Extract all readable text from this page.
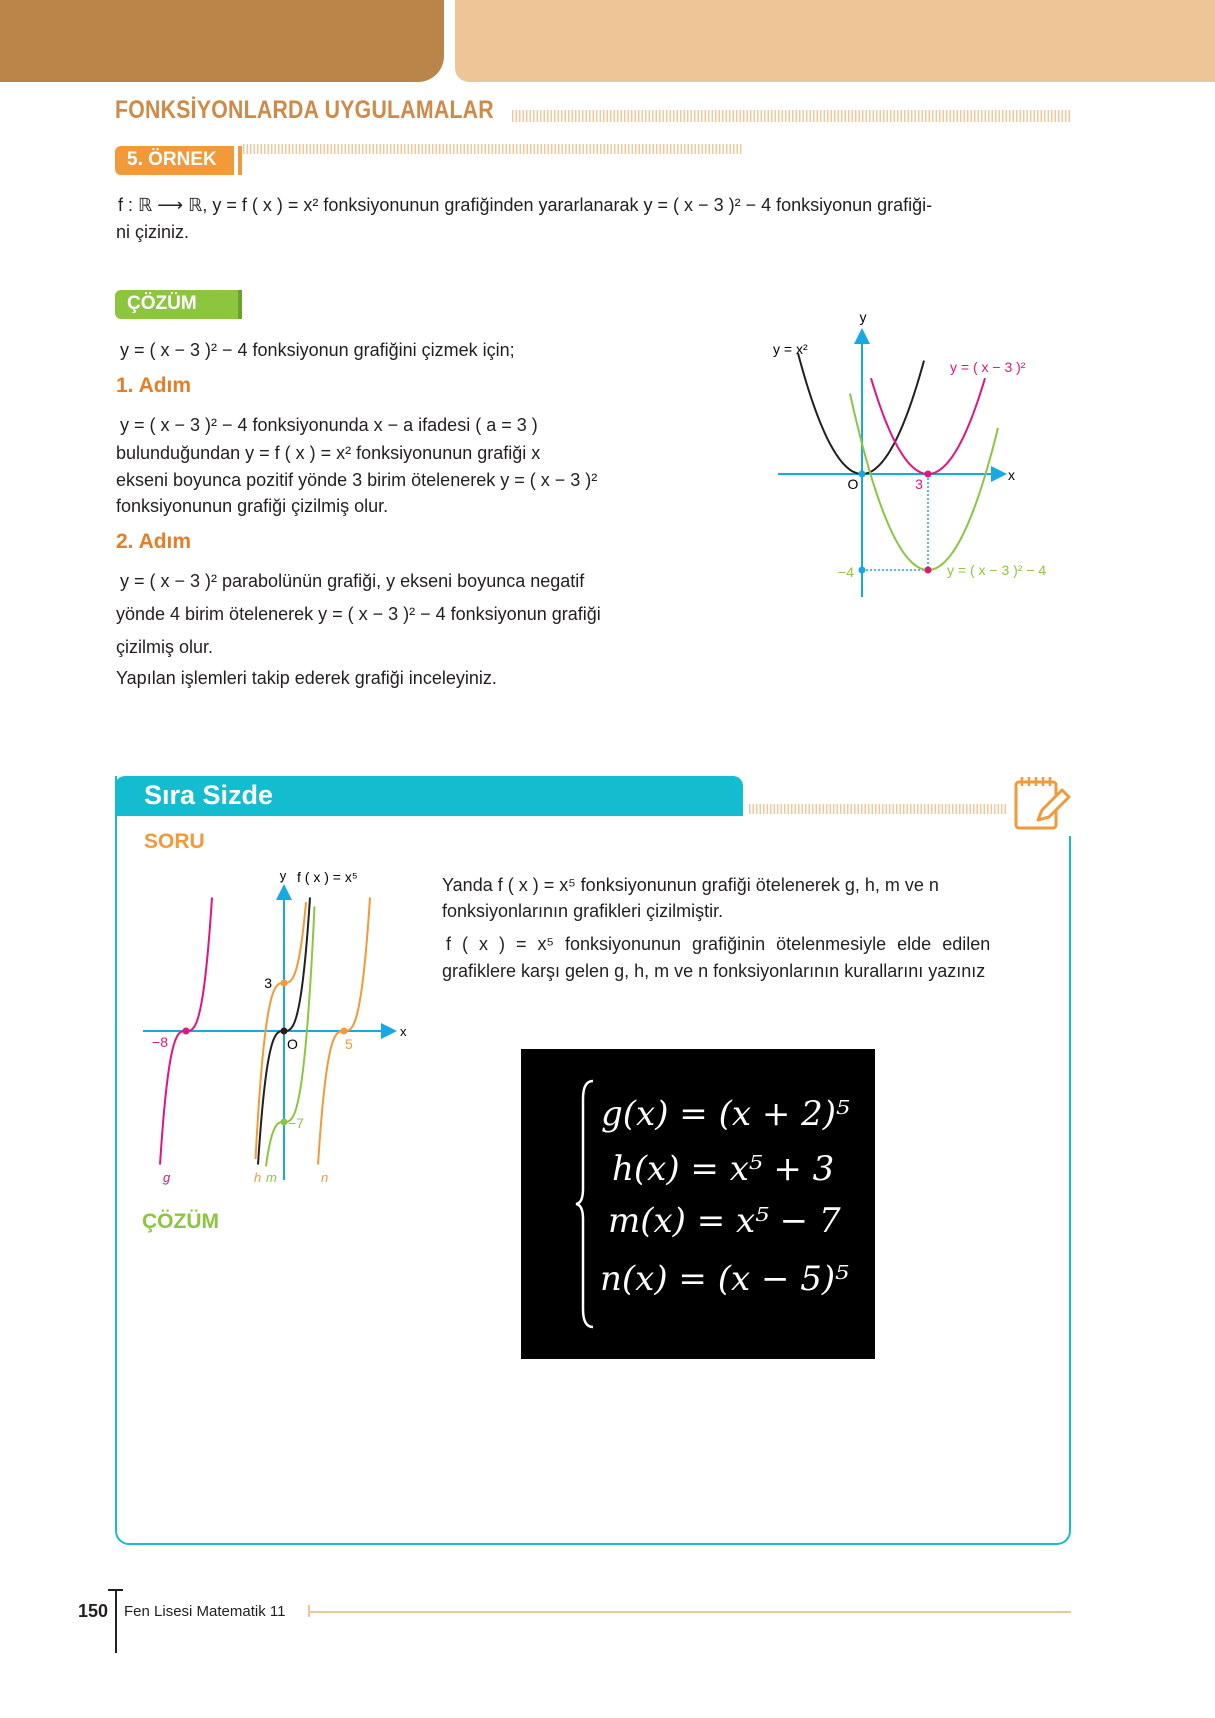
FONKSİYONLARDA UYGULAMALAR
5. ÖRNEK
f : ℝ ⟶ ℝ, y = f ( x ) = x² fonksiyonunun grafiğinden yararlanarak y = ( x − 3 )² − 4 fonksiyonun grafiği-
ni çiziniz.
ÇÖZÜM
y = ( x − 3 )² − 4 fonksiyonun grafiğini çizmek için;
1. Adım
y = ( x − 3 )² − 4 fonksiyonunda x − a ifadesi ( a = 3 )
bulunduğundan y = f ( x ) = x² fonksiyonunun grafiği x
ekseni boyunca pozitif yönde 3 birim ötelenerek y = ( x − 3 )²
fonksiyonunun grafiği çizilmiş olur.
2. Adım
y = ( x − 3 )² parabolünün grafiği, y ekseni boyunca negatif
yönde 4 birim ötelenerek y = ( x − 3 )² − 4 fonksiyonun grafiği
çizilmiş olur.
Yapılan işlemleri takip ederek grafiği inceleyiniz.
y
x
O	3
−4
y = x²
y = ( x − 3 )²
y = ( x − 3 )² − 4
Sıra Sizde
SORU
y f ( x ) = x⁵
x
O
−8	5
3
−7
g	h m	n
Yanda f ( x ) = x⁵ fonksiyonunun grafiği ötelenerek g, h, m ve n
fonksiyonlarının grafikleri çizilmiştir.
f ( x ) = x⁵ fonksiyonunun grafiğinin ötelenmesiyle elde edilen
grafiklere karşı gelen g, h, m ve n fonksiyonlarının kurallarını yazınız
g(x) = (x + 2)⁵
h(x) = x⁵ + 3
m(x) = x⁵ − 7
n(x) = (x − 5)⁵
ÇÖZÜM
150 Fen Lisesi Matematik 11
